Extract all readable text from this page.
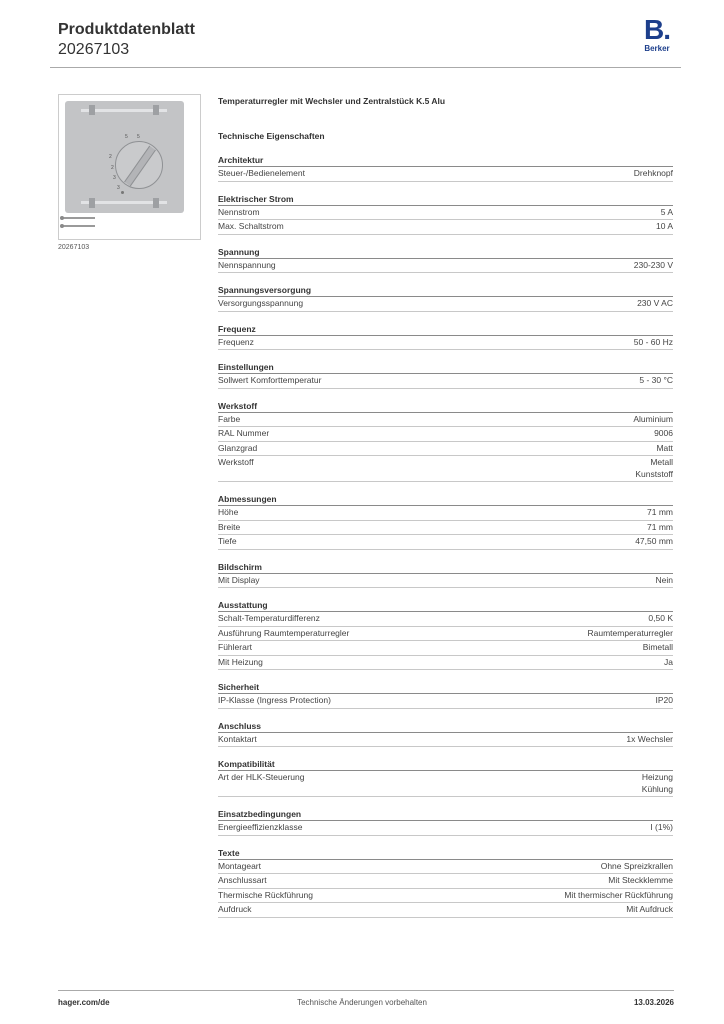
Produktdatenblatt
20267103
B.
Berker
5 5
2
2
3
3
20267103
Temperaturregler mit Wechsler und Zentralstück K.5 Alu
Technische Eigenschaften
Architektur
Steuer-/Bedienelement	Drehknopf
Elektrischer Strom
Nennstrom	5 A
Max. Schaltstrom	10 A
Spannung
Nennspannung	230-230 V
Spannungsversorgung
Versorgungsspannung	230 V AC
Frequenz
Frequenz	50 - 60 Hz
Einstellungen
Sollwert Komforttemperatur	5 - 30 °C
Werkstoff
Farbe	Aluminium
RAL Nummer	9006
Glanzgrad	Matt
Werkstoff	Metall
Kunststoff
Abmessungen
Höhe	71 mm
Breite	71 mm
Tiefe	47,50 mm
Bildschirm
Mit Display	Nein
Ausstattung
Schalt-Temperaturdifferenz	0,50 K
Ausführung Raumtemperaturregler	Raumtemperaturregler
Fühlerart	Bimetall
Mit Heizung	Ja
Sicherheit
IP-Klasse (Ingress Protection)	IP20
Anschluss
Kontaktart	1x Wechsler
Kompatibilität
Art der HLK-Steuerung	Heizung
Kühlung
Einsatzbedingungen
Energieeffizienzklasse	I (1%)
Texte
Montageart	Ohne Spreizkrallen
Anschlussart	Mit Steckklemme
Thermische Rückführung	Mit thermischer Rückführung
Aufdruck	Mit Aufdruck
hager.com/de	Technische Änderungen vorbehalten	13.03.2026
